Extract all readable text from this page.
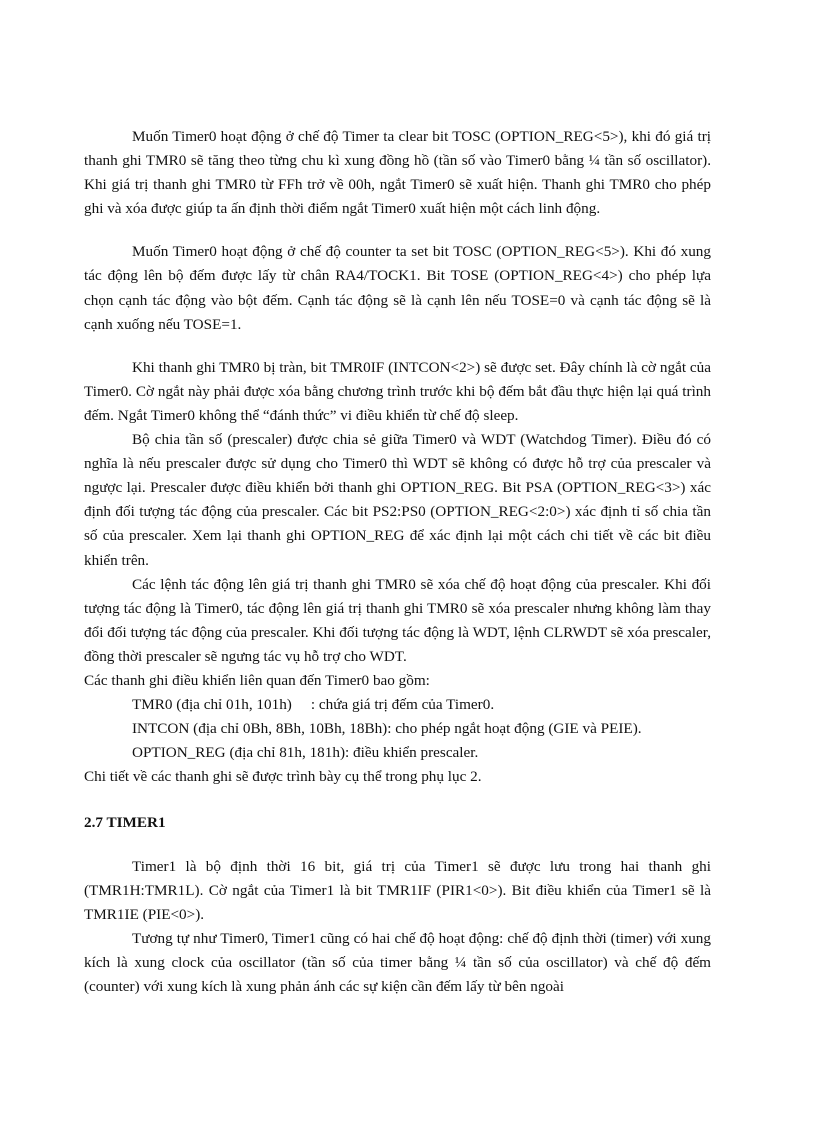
Muốn Timer0 hoạt động ở chế độ Timer ta clear bit TOSC (OPTION_REG<5>), khi đó giá trị thanh ghi TMR0 sẽ tăng theo từng chu kì xung đồng hồ (tần số vào Timer0 bằng ¼ tần số oscillator). Khi giá trị thanh ghi TMR0 từ FFh trở về 00h, ngắt Timer0 sẽ xuất hiện. Thanh ghi TMR0 cho phép ghi và xóa được giúp ta ấn định thời điểm ngắt Timer0 xuất hiện một cách linh động.

Muốn Timer0 hoạt động ở chế độ counter ta set bit TOSC (OPTION_REG<5>). Khi đó xung tác động lên bộ đếm được lấy từ chân RA4/TOCK1. Bit TOSE (OPTION_REG<4>) cho phép lựa chọn cạnh tác động vào bột đếm. Cạnh tác động sẽ là cạnh lên nếu TOSE=0 và cạnh tác động sẽ là cạnh xuống nếu TOSE=1.

Khi thanh ghi TMR0 bị tràn, bit TMR0IF (INTCON<2>) sẽ được set. Đây chính là cờ ngắt của Timer0. Cờ ngắt này phải được xóa bằng chương trình trước khi bộ đếm bắt đầu thực hiện lại quá trình đếm. Ngắt Timer0 không thể “đánh thức” vi điều khiển từ chế độ sleep.

Bộ chia tần số (prescaler) được chia sẻ giữa Timer0 và WDT (Watchdog Timer). Điều đó có nghĩa là nếu prescaler được sử dụng cho Timer0 thì WDT sẽ không có được hỗ trợ của prescaler và ngược lại. Prescaler được điều khiển bởi thanh ghi OPTION_REG. Bit PSA (OPTION_REG<3>) xác định đối tượng tác động của prescaler. Các bit PS2:PS0 (OPTION_REG<2:0>) xác định tỉ số chia tần số của prescaler. Xem lại thanh ghi OPTION_REG để xác định lại một cách chi tiết về các bit điều khiển trên.

Các lệnh tác động lên giá trị thanh ghi TMR0 sẽ xóa chế độ hoạt động của prescaler. Khi đối tượng tác động là Timer0, tác động lên giá trị thanh ghi TMR0 sẽ xóa prescaler nhưng không làm thay đổi đối tượng tác động của prescaler. Khi đối tượng tác động là WDT, lệnh CLRWDT sẽ xóa prescaler, đồng thời prescaler sẽ ngưng tác vụ hỗ trợ cho WDT.

Các thanh ghi điều khiển liên quan đến Timer0 bao gồm:

TMR0 (địa chỉ 01h, 101h)     : chứa giá trị đếm của Timer0.

INTCON (địa chỉ 0Bh, 8Bh, 10Bh, 18Bh): cho phép ngắt hoạt động (GIE và PEIE).

OPTION_REG (địa chỉ 81h, 181h): điều khiển prescaler.

Chi tiết về các thanh ghi sẽ được trình bày cụ thể trong phụ lục 2.

2.7 TIMER1

Timer1 là bộ định thời 16 bit, giá trị của Timer1 sẽ được lưu trong hai thanh ghi (TMR1H:TMR1L). Cờ ngắt của Timer1 là bit TMR1IF (PIR1<0>). Bit điều khiển của Timer1 sẽ là TMR1IE (PIE<0>).

Tương tự như Timer0, Timer1 cũng có hai chế độ hoạt động: chế độ định thời (timer) với xung kích là xung clock của oscillator (tần số của timer bằng ¼ tần số của oscillator) và chế độ đếm (counter) với xung kích là xung phản ánh các sự kiện cần đếm lấy từ bên ngoài
